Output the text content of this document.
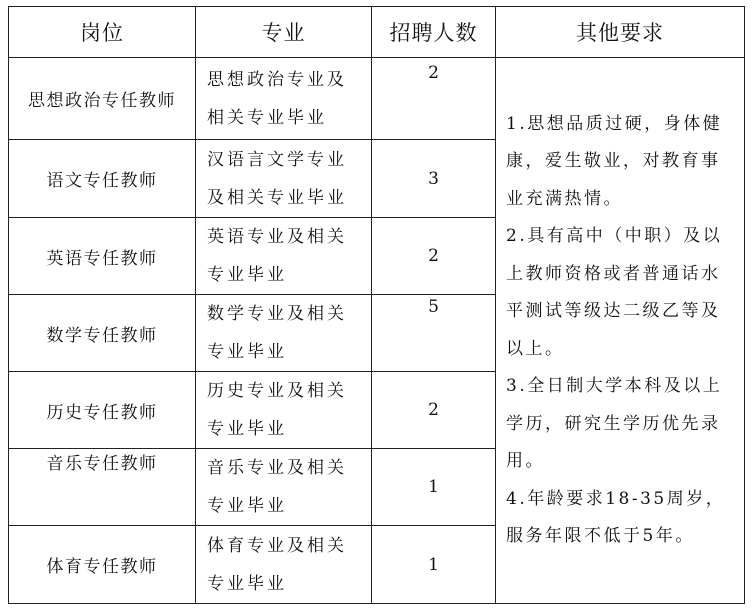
岗位	专业	招聘人数	其他要求
思想政治专任教师	思想政治专业及相关专业毕业	2	1.思想品质过硬，身体健康，爱生敬业，对教育事业充满热情。
2.具有高中（中职）及以上教师资格或者普通话水平测试等级达二级乙等及以上。
3.全日制大学本科及以上学历，研究生学历优先录用。
4.年龄要求18-35周岁，服务年限不低于5年。

语文专任教师	汉语言文学专业及相关专业毕业	3	
英语专任教师	英语专业及相关专业毕业	2	
数学专任教师	数学专业及相关专业毕业	5	
历史专任教师	历史专业及相关专业毕业	2	
音乐专任教师	音乐专业及相关专业毕业	1	
体育专任教师	体育专业及相关专业毕业	1	
